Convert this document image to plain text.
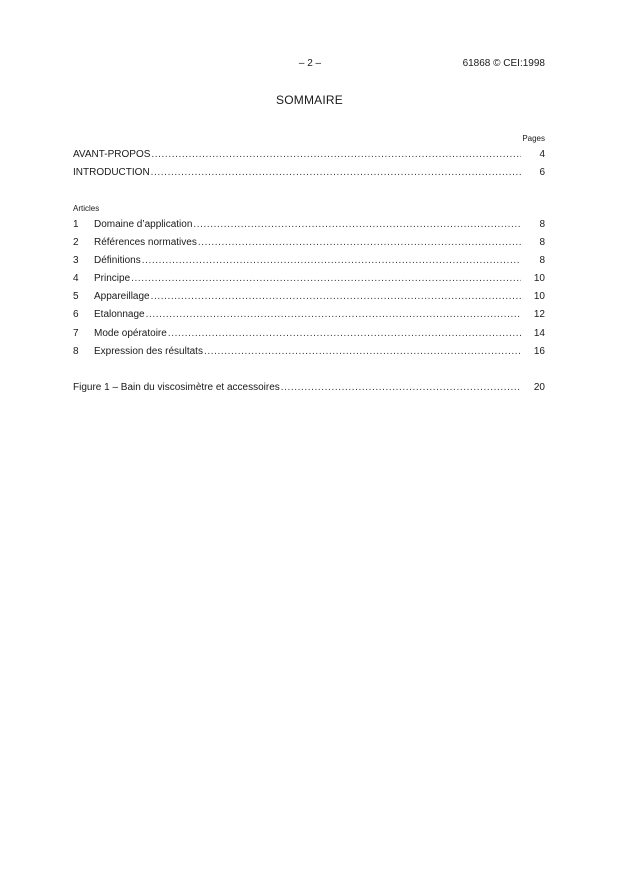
– 2 –	61868 © CEI:1998
SOMMAIRE
Pages
AVANT-PROPOS .....	4
INTRODUCTION .....	6
Articles
1	Domaine d’application .....	8
2	Références normatives .....	8
3	Définitions .....	8
4	Principe .....	10
5	Appareillage .....	10
6	Etalonnage .....	12
7	Mode opératoire .....	14
8	Expression des résultats .....	16
Figure 1 – Bain du viscosimètre et accessoires .....	20
